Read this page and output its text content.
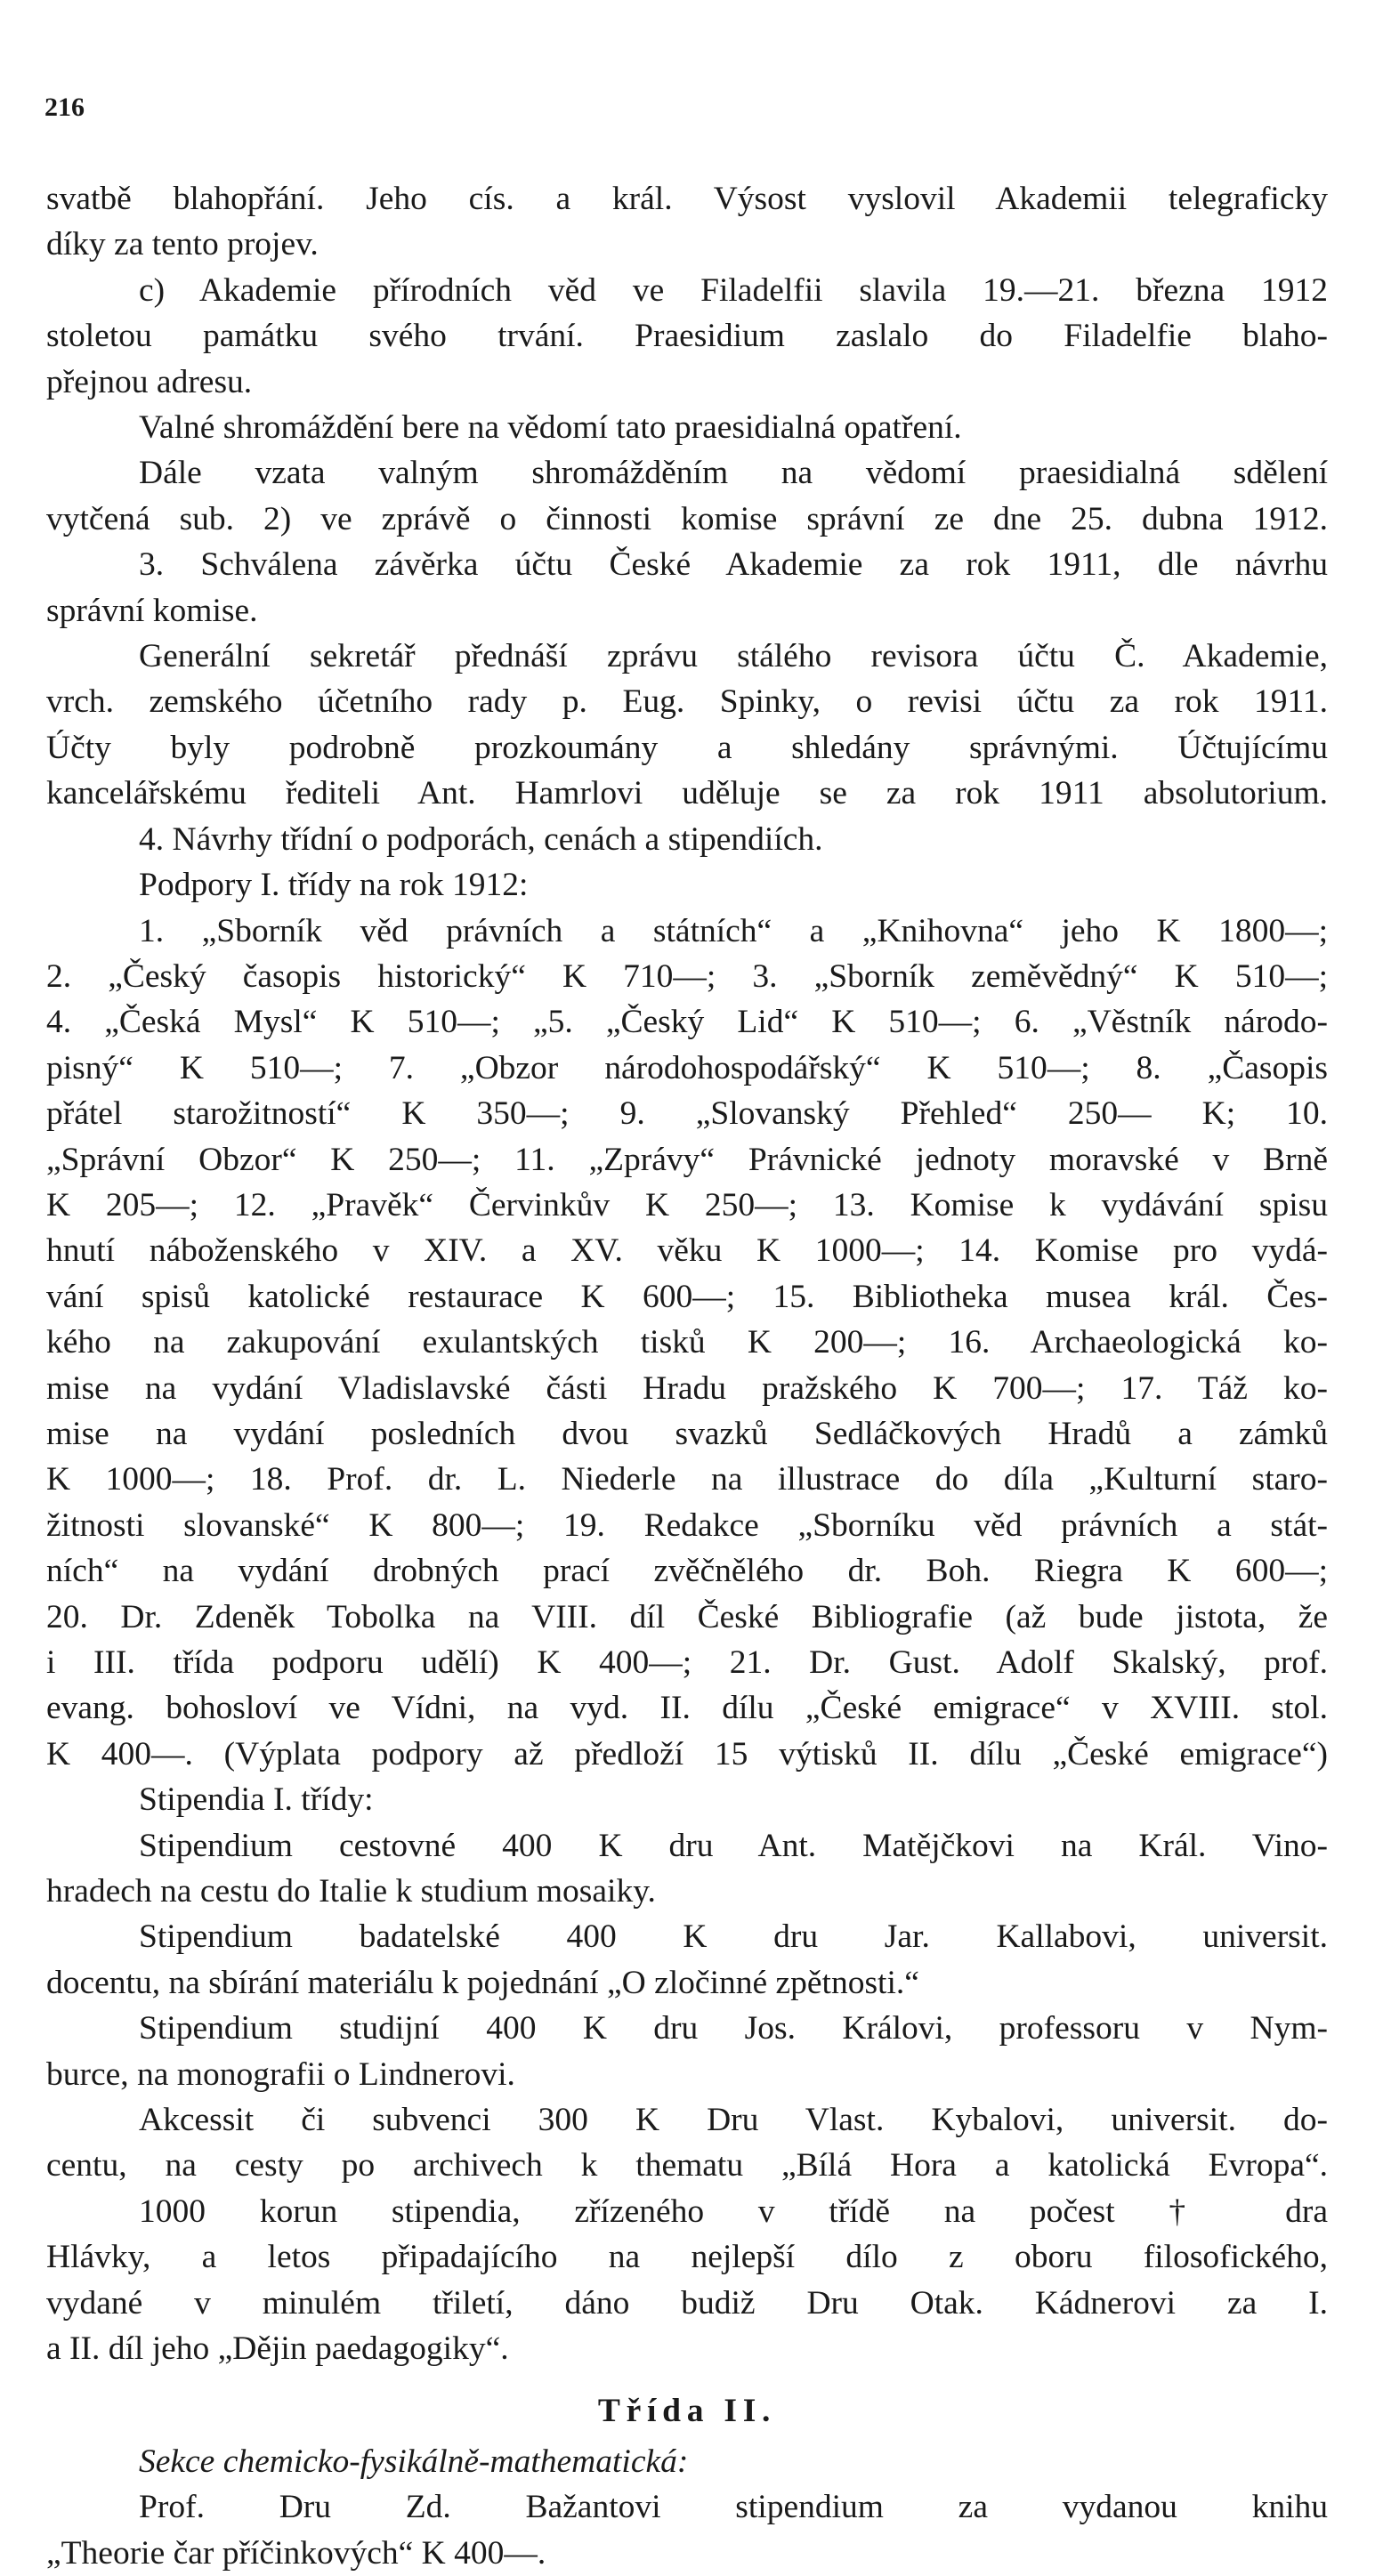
216
svatbě blahopřání. Jeho cís. a král. Výsost vyslovil Akademii telegraficky
díky za tento projev.
c) Akademie přírodních věd ve Filadelfii slavila 19.—21. března 1912
stoletou památku svého trvání. Praesidium zaslalo do Filadelfie blaho-
přejnou adresu.
Valné shromáždění bere na vědomí tato praesidialná opatření.
Dále vzata valným shromážděním na vědomí praesidialná sdělení
vytčená sub. 2) ve zprávě o činnosti komise správní ze dne 25. dubna 1912.
3. Schválena závěrka účtu České Akademie za rok 1911, dle návrhu
správní komise.
Generální sekretář přednáší zprávu stálého revisora účtu Č. Akademie,
vrch. zemského účetního rady p. Eug. Spinky, o revisi účtu za rok 1911.
Účty byly podrobně prozkoumány a shledány správnými. Účtujícímu
kancelářskému řediteli Ant. Hamrlovi uděluje se za rok 1911 absolutorium.
4. Návrhy třídní o podporách, cenách a stipendiích.
Podpory I. třídy na rok 1912:
1. „Sborník věd právních a státních“ a „Knihovna“ jeho K 1800—;
2. „Český časopis historický“ K 710—; 3. „Sborník zeměvědný“ K 510—;
4. „Česká Mysl“ K 510—; „5. „Český Lid“ K 510—; 6. „Věstník národo-
pisný“ K 510—; 7. „Obzor národohospodářský“ K 510—; 8. „Časopis
přátel starožitností“ K 350—; 9. „Slovanský Přehled“ 250— K; 10.
„Správní Obzor“ K 250—; 11. „Zprávy“ Právnické jednoty moravské v Brně
K 205—; 12. „Pravěk“ Červinkův K 250—; 13. Komise k vydávání spisu
hnutí náboženského v XIV. a XV. věku K 1000—; 14. Komise pro vydá-
vání spisů katolické restaurace K 600—; 15. Bibliotheka musea král. Čes-
kého na zakupování exulantských tisků K 200—; 16. Archaeologická ko-
mise na vydání Vladislavské části Hradu pražského K 700—; 17. Táž ko-
mise na vydání posledních dvou svazků Sedláčkových Hradů a zámků
K 1000—; 18. Prof. dr. L. Niederle na illustrace do díla „Kulturní staro-
žitnosti slovanské“ K 800—; 19. Redakce „Sborníku věd právních a stát-
ních“ na vydání drobných prací zvěčnělého dr. Boh. Riegra K 600—;
20. Dr. Zdeněk Tobolka na VIII. díl České Bibliografie (až bude jistota, že
i III. třída podporu udělí) K 400—; 21. Dr. Gust. Adolf Skalský, prof.
evang. bohosloví ve Vídni, na vyd. II. dílu „České emigrace“ v XVIII. stol.
K 400—. (Výplata podpory až předloží 15 výtisků II. dílu „České emigrace“)
Stipendia I. třídy:
Stipendium cestovné 400 K dru Ant. Matějčkovi na Král. Vino-
hradech na cestu do Italie k studium mosaiky.
Stipendium badatelské 400 K dru Jar. Kallabovi, universit.
docentu, na sbírání materiálu k pojednání „O zločinné zpětnosti.“
Stipendium studijní 400 K dru Jos. Královi, professoru v Nym-
burce, na monografii o Lindnerovi.
Akcessit či subvenci 300 K Dru Vlast. Kybalovi, universit. do-
centu, na cesty po archivech k thematu „Bílá Hora a katolická Evropa“.
1000 korun stipendia, zřízeného v třídě na počest † dra
Hlávky, a letos připadajícího na nejlepší dílo z oboru filosofického,
vydané v minulém třiletí, dáno budiž Dru Otak. Kádnerovi za I.
a II. díl jeho „Dějin paedagogiky“.
Třída II.
Sekce chemicko-fysikálně-mathematická:
Prof. Dru Zd. Bažantovi stipendium za vydanou knihu
„Theorie čar příčinkových“ K 400—.
